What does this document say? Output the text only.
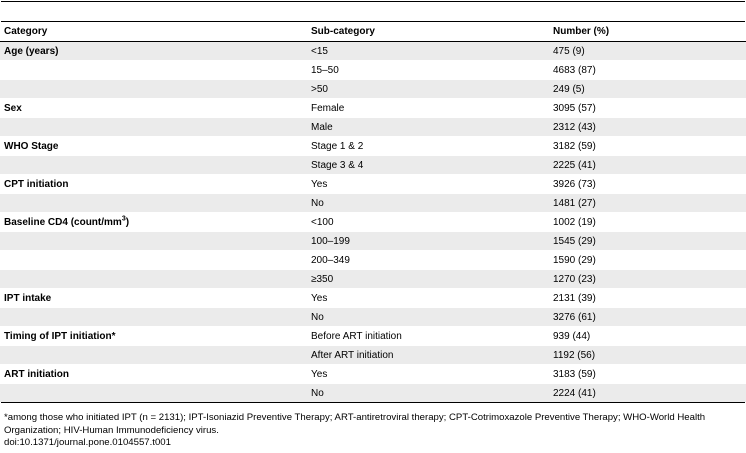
Category	Sub-category	Number (%)
Age (years)	<15	475 (9)
	15–50	4683 (87)
	>50	249 (5)
Sex	Female	3095 (57)
	Male	2312 (43)
WHO Stage	Stage 1 & 2	3182 (59)
	Stage 3 & 4	2225 (41)
CPT initiation	Yes	3926 (73)
	No	1481 (27)
Baseline CD4 $(count/mm^3)$	<100	1002 (19)
	100–199	1545 (29)
	200–349	1590 (29)
	≥350	1270 (23)
IPT intake	Yes	2131 (39)
	No	3276 (61)
Timing of IPT initiation*	Before ART initiation	939 (44)
	After ART initiation	1192 (56)
ART initiation	Yes	3183 (59)
	No	2224 (41)
*among those who initiated IPT (n = 2131); IPT-Isoniazid Preventive Therapy; ART-antiretroviral therapy; CPT-Cotrimoxazole Preventive Therapy; WHO-World Health Organization; HIV-Human Immunodeficiency virus.
doi:10.1371/journal.pone.0104557.t001
